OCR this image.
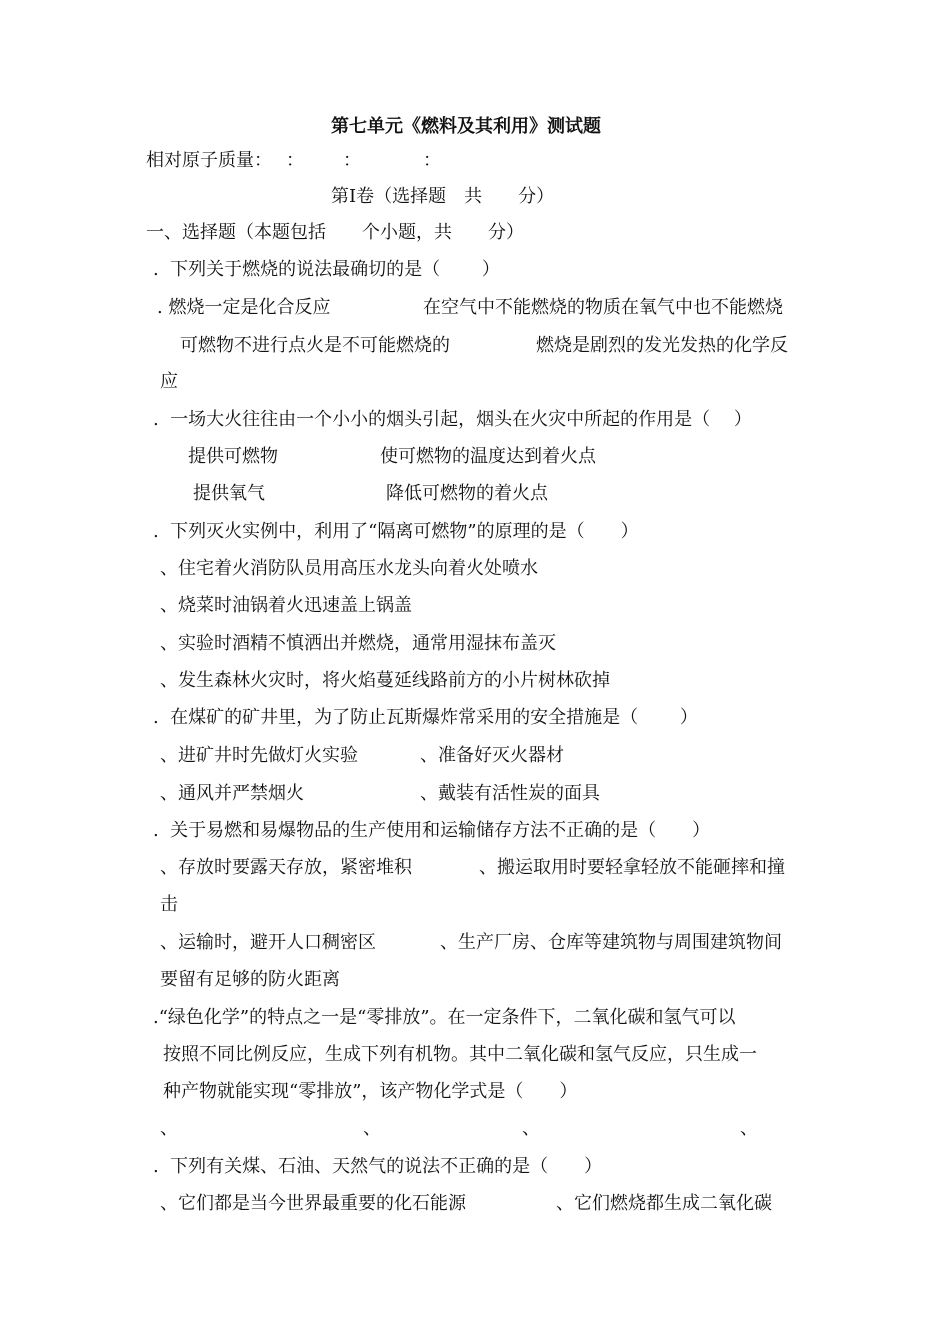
第七单元《燃料及其利用》测试题
相对原子质量： ： ：	：
第Ⅰ卷（选择题　共　　分）
一、选择题（本题包括　　个小题，共　　分）
.  下列关于燃烧的说法最确切的是（　　 ）
. 燃烧一定是化合反应	在空气中不能燃烧的物质在氧气中也不能燃烧
可燃物不进行点火是不可能燃烧的	燃烧是剧烈的发光发热的化学反
应
.  一场大火往往由一个小小的烟头引起，烟头在火灾中所起的作用是（　 ）
提供可燃物	使可燃物的温度达到着火点
提供氧气	降低可燃物的着火点
.  下列灭火实例中，利用了“隔离可燃物”的原理的是（　　）
、住宅着火消防队员用高压水龙头向着火处喷水
、烧菜时油锅着火迅速盖上锅盖
、实验时酒精不慎洒出并燃烧，通常用湿抹布盖灭
、发生森林火灾时，将火焰蔓延线路前方的小片树林砍掉
.  在煤矿的矿井里，为了防止瓦斯爆炸常采用的安全措施是（　　 ）
、进矿井时先做灯火实验	、准备好灭火器材
、通风并严禁烟火	、戴装有活性炭的面具
.  关于易燃和易爆物品的生产使用和运输储存方法不正确的是（　　）
、存放时要露天存放，紧密堆积	、搬运取用时要轻拿轻放不能砸摔和撞
击
、运输时，避开人口稠密区	、生产厂房、仓库等建筑物与周围建筑物间
要留有足够的防火距离
.“绿色化学”的特点之一是“零排放”。在一定条件下，二氧化碳和氢气可以
按照不同比例反应，生成下列有机物。其中二氧化碳和氢气反应，只生成一
种产物就能实现“零排放”，该产物化学式是（　　）
、	、	、	、
.  下列有关煤、石油、天然气的说法不正确的是（　　）
、它们都是当今世界最重要的化石能源	、它们燃烧都生成二氧化碳
